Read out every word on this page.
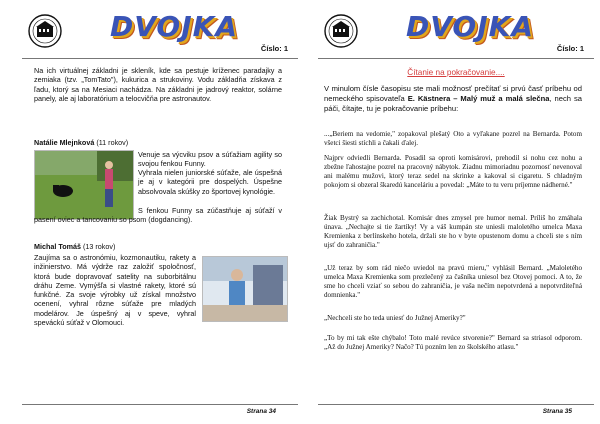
DVOJKA
Číslo: 1

Na ich virtuálnej základni je skleník, kde sa pestuje kríženec paradajky a zemiaka (tzv. „TomTato"), kukurica a strukoviny. Vodu základňa získava z ľadu, ktorý sa na Mesiaci nachádza. Na základni je jadrový reaktor, solárne panely, ale aj laboratórium a telocvičňa pre astronautov.

Natálie Mlejnková (11 rokov)

Venuje sa výcviku psov a súťažiam agility so svojou fenkou Funny.

Vyhrala nielen juniorské súťaže, ale úspešná je aj v kategórii pre dospelých. Úspešne absolvovala skúšky zo športovej kynológie.

S fenkou Funny sa zúčastňuje aj súťaží v pasení oviec a tancovaniu so psom (dogdancing).

Michal Tomáš (13 rokov)

Zaujíma sa o astronómiu, kozmonautiku, rakety a inžinierstvo. Má výdrže raz založiť spoločnosť, ktorá bude dopravovať satelity na suborbitálnu dráhu Zeme. Vymýšľa si vlastné rakety, ktoré sú funkčné. Za svoje výrobky už získal množstvo ocenení, vyhral rôzne súťaže pre mladých modelárov. Je úspešný aj v speve, vyhral speváckú súťaž v Olomouci.

Strana 34
DVOJKA
Číslo: 1
Čítanie na pokračovanie....

V minulom čísle časopisu ste mali možnosť prečítať si prvú časť príbehu od nemeckého spisovateľa E. Kästnera – Malý muž a malá slečna, nech sa páči, čítajte, tu je pokračovanie príbehu:

...„Beriem na vedomie," zopakoval plešatý Oto a vyľakane pozrel na Bernarda. Potom všetci šiesti stíchli a čakali ďalej.

Najprv odviedli Bernarda. Posadil sa oproti komisárovi, prehodil si nohu cez nohu a zbežne ľahostajne pozrel na pracovný nábytok. Ziadnu mimoriadnu pozornosť nevenoval ani malému mužovi, ktorý teraz sedel na skrinke a kakoval si cigaretu. S chladným pokojom si obzeral škaredú kanceláriu a povedal: „Máte to tu veru príjemne nádherné."

Žiak Bystrý sa zachichotal. Komisár dnes zmysel pre humor nemal. Príliš ho zmáhala únava. „Nechajte si tie žartíky! Vy a váš kumpán ste uniesli maloletého umelca Maxa Kremienka z berlínskeho hotela, držali ste ho v byte opustenom domu a chceli ste s ním ujsť do zahraničia."

„Už teraz by som rád niečo uviedol na pravú mieru," vyhlásil Bernard. „Maloletého umelca Maxa Kremienka som prezlečený za čašníka uniesol bez Otovej pomoci. A to, že sme ho chceli vziať so sebou do zahraničia, je vaša nečím nepotvrdená a nepotvrditeľná domnienka."

„Nechceli ste ho teda uniesť do Južnej Ameriky?"

„To by mi tak ešte chýbalo! Toto malé revúce stvorenie?" Bernard sa striasol odporom. „Až do Južnej Ameriky? Načo? Tú pozním len zo školského atlasu."

Strana 35
